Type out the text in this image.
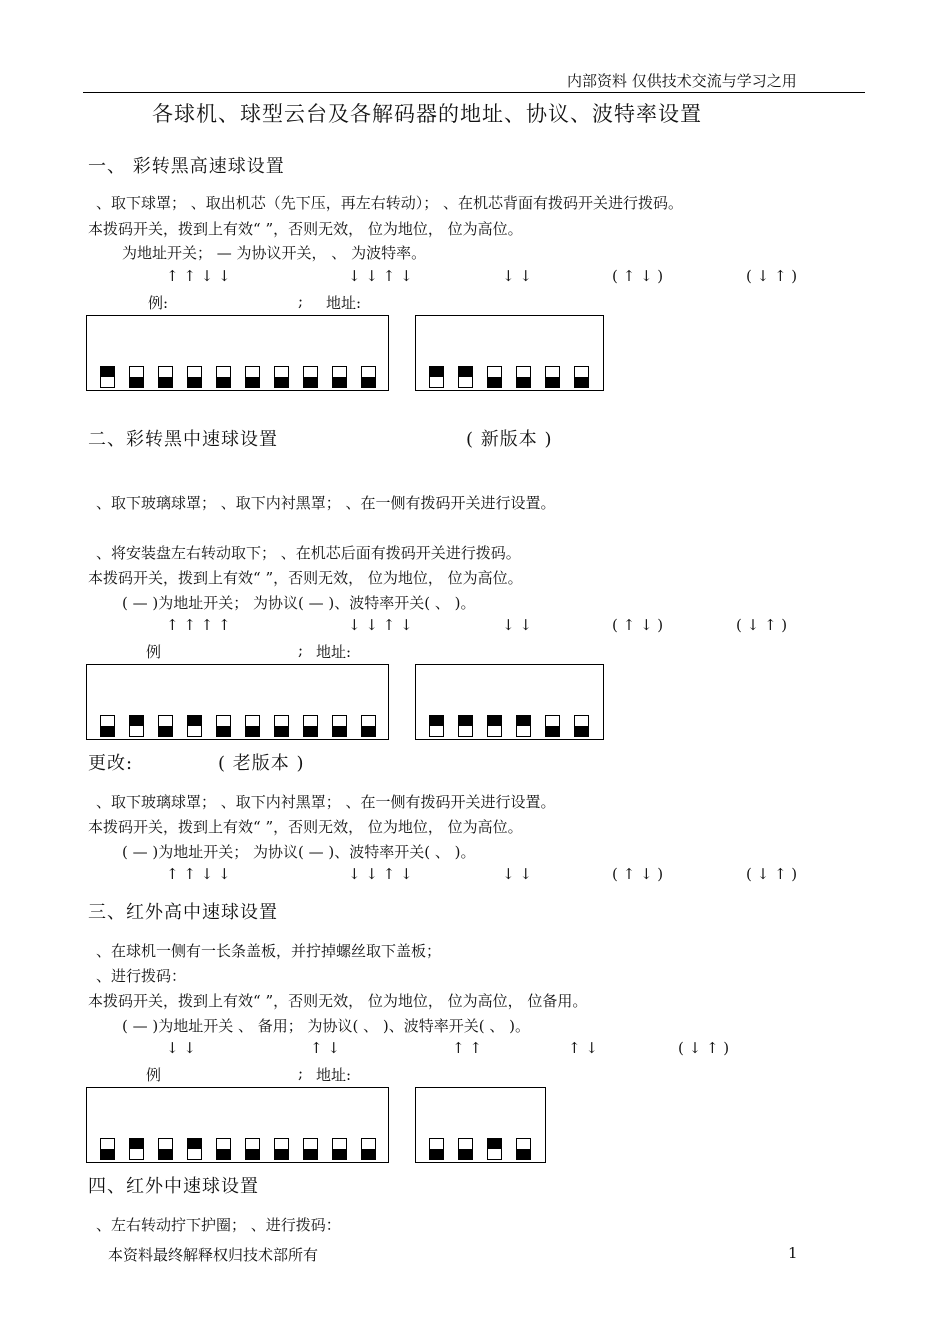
内部资料 仅供技术交流与学习之用
各球机、球型云台及各解码器的地址、协议、波特率设置
一、 彩转黑高速球设置
、取下球罩； 、取出机芯（先下压，再左右转动）； 、在机芯背面有拨码开关进行拨码。
本拨码开关，拨到上有效“ ”，否则无效， 位为地位， 位为高位。
为地址开关； — 为协议开关， 、 为波特率。
↑ ↑ ↓ ↓	↓ ↓ ↑ ↓	↓ ↓	( ↑ ↓ )	( ↓ ↑ )
例:	; 地址:
二、彩转黑中速球设置	( 新版本 )
、取下玻璃球罩； 、取下内衬黑罩； 、在一侧有拨码开关进行设置。
、将安装盘左右转动取下； 、在机芯后面有拨码开关进行拨码。
本拨码开关，拨到上有效“ ”，否则无效， 位为地位， 位为高位。
( — )为地址开关； 为协议( — )、波特率开关( 、 )。
↑ ↑ ↑ ↑	↓ ↓ ↑ ↓	↓ ↓	( ↑ ↓ )	( ↓ ↑ )
例	; 地址:
更改:	( 老版本 )
、取下玻璃球罩； 、取下内衬黑罩； 、在一侧有拨码开关进行设置。
本拨码开关，拨到上有效“ ”，否则无效， 位为地位， 位为高位。
( — )为地址开关； 为协议( — )、波特率开关( 、 )。
↑ ↑ ↓ ↓	↓ ↓ ↑ ↓	↓ ↓	( ↑ ↓ )	( ↓ ↑ )
三、红外高中速球设置
、在球机一侧有一长条盖板，并拧掉螺丝取下盖板；
、进行拨码：
本拨码开关，拨到上有效“ ”，否则无效， 位为地位， 位为高位， 位备用。
( — )为地址开关 、 备用； 为协议( 、 )、波特率开关( 、 )。
↓ ↓	↑ ↓	↑ ↑	↑ ↓	( ↓ ↑ )
例	; 地址:
四、红外中速球设置
、左右转动拧下护圈； 、进行拨码：
本资料最终解释权归技术部所有	1
